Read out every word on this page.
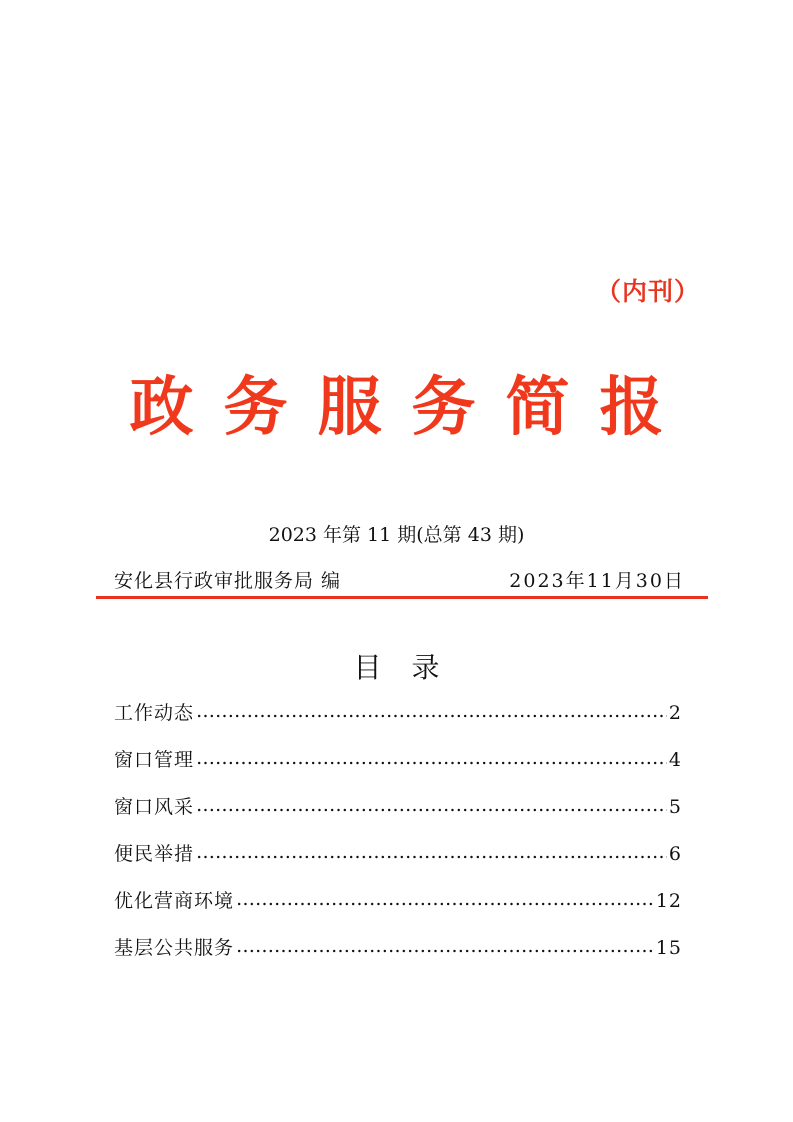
（内刊）
政务服务简报
2023 年第 11 期(总第 43 期)
安化县行政审批服务局 编	2023年11月30日
目录
工作动态 …………………………………………………………………………………………………………………………	2
窗口管理 …………………………………………………………………………………………………………………………	4
窗口风采 …………………………………………………………………………………………………………………………	5
便民举措 …………………………………………………………………………………………………………………………	6
优化营商环境 …………………………………………………………………………………………………………………………	12
基层公共服务 …………………………………………………………………………………………………………………………	15
